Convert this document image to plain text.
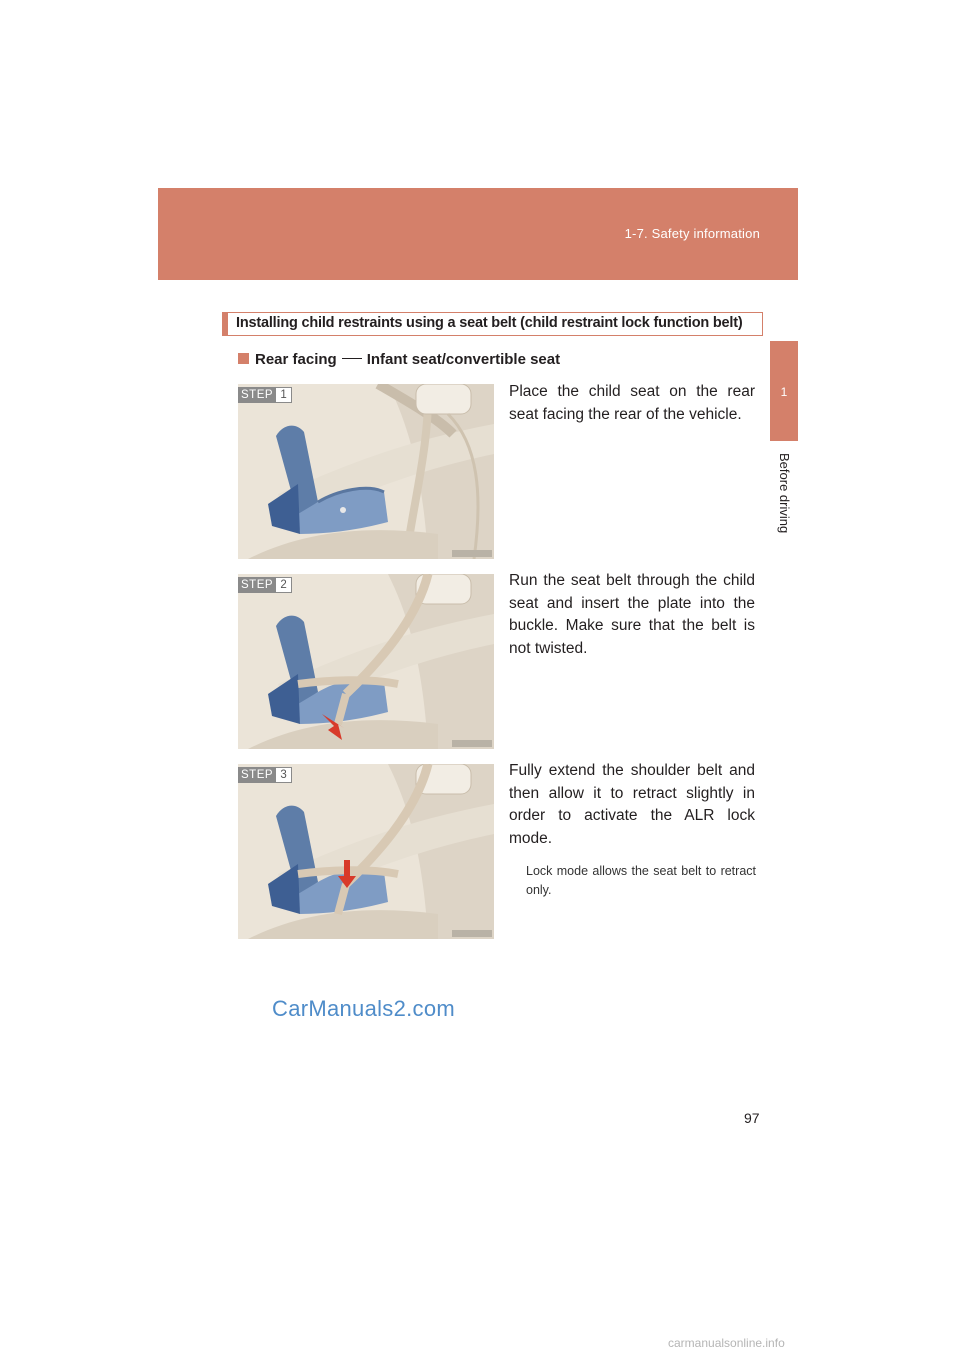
1-7. Safety information
1
Before driving
Installing child restraints using a seat belt (child restraint lock function belt)
Rear facing Infant seat/convertible seat
STEP 1	Place the child seat on the rear seat facing the rear of the vehicle.
STEP 2	Run the seat belt through the child seat and insert the plate into the buckle. Make sure that the belt is not twisted.
STEP 3	Fully extend the shoulder belt and then allow it to retract slightly in order to activate the ALR lock mode.
Lock mode allows the seat belt to retract only.
CarManuals2.com
97
carmanualsonline.info
